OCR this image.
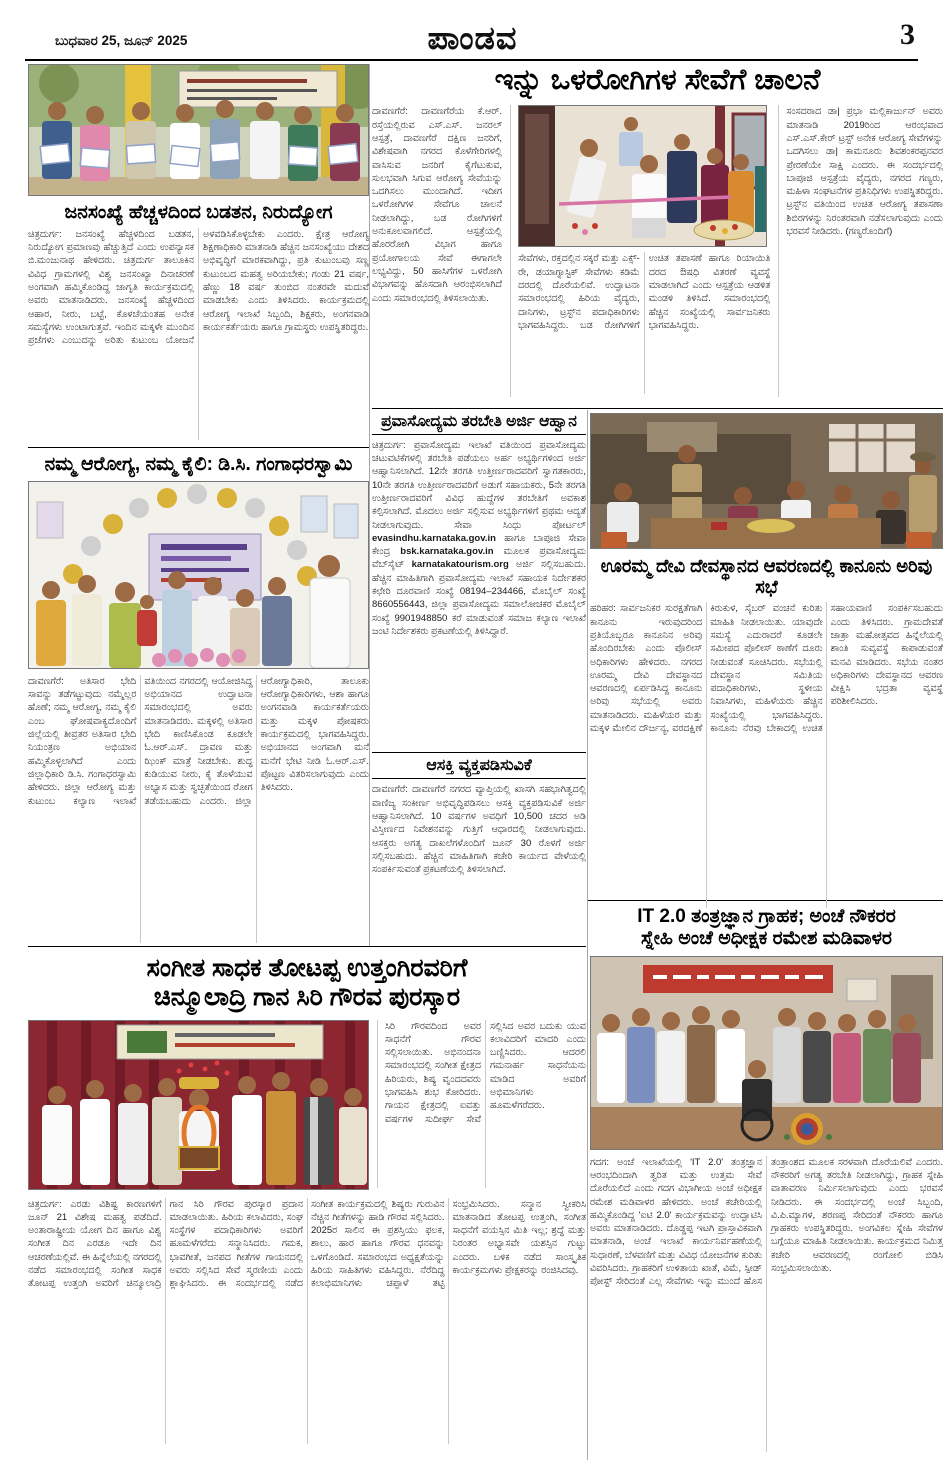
ಬುಧವಾರ 25, ಜೂನ್ 2025	ಪಾಂಡವ	3
ಜನಸಂಖ್ಯೆ ಹೆಚ್ಚಳದಿಂದ ಬಡತನ, ನಿರುದ್ಯೋಗ
ಚಿತ್ರದುರ್ಗ: ಜನಸಂಖ್ಯೆ ಹೆಚ್ಚಳದಿಂದ ಬಡತನ, ನಿರುದ್ಯೋಗ ಪ್ರಮಾಣವು ಹೆಚ್ಚುತ್ತಿದೆ ಎಂದು ಉಪನ್ಯಾಸಕ ಬಿ.ಮಂಜುನಾಥ ಹೇಳಿದರು. ಚಿತ್ರದುರ್ಗ ತಾಲೂಕಿನ ವಿವಿಧ ಗ್ರಾಮಗಳಲ್ಲಿ ವಿಶ್ವ ಜನಸಂಖ್ಯಾ ದಿನಾಚರಣೆ ಅಂಗವಾಗಿ ಹಮ್ಮಿಕೊಂಡಿದ್ದ ಜಾಗೃತಿ ಕಾರ್ಯಕ್ರಮದಲ್ಲಿ ಅವರು ಮಾತನಾಡಿದರು. ಜನಸಂಖ್ಯೆ ಹೆಚ್ಚಳದಿಂದ ಆಹಾರ, ನೀರು, ಬಟ್ಟೆ, ಕೊಳಚೆಯಂತಹ ಅನೇಕ ಸಮಸ್ಯೆಗಳು ಉಂಟಾಗುತ್ತವೆ. ಇಂದಿನ ಮಕ್ಕಳೇ ಮುಂದಿನ ಪ್ರಜೆಗಳು ಎಂಬುದನ್ನು ಅರಿತು ಕುಟುಂಬ ಯೋಜನೆ ಅಳವಡಿಸಿಕೊಳ್ಳಬೇಕು ಎಂದರು. ಕ್ಷೇತ್ರ ಆರೋಗ್ಯ ಶಿಕ್ಷಣಾಧಿಕಾರಿ ಮಾತನಾಡಿ ಹೆಚ್ಚಿನ ಜನಸಂಖ್ಯೆಯು ದೇಶದ ಅಭಿವೃದ್ಧಿಗೆ ಮಾರಕವಾಗಿದ್ದು, ಪ್ರತಿ ಕುಟುಂಬವು ಸಣ್ಣ ಕುಟುಂಬದ ಮಹತ್ವ ಅರಿಯಬೇಕು; ಗಂಡು 21 ವರ್ಷ, ಹೆಣ್ಣು 18 ವರ್ಷ ತುಂಬಿದ ನಂತರವೇ ಮದುವೆ ಮಾಡಬೇಕು ಎಂದು ತಿಳಿಸಿದರು. ಕಾರ್ಯಕ್ರಮದಲ್ಲಿ ಆರೋಗ್ಯ ಇಲಾಖೆ ಸಿಬ್ಬಂದಿ, ಶಿಕ್ಷಕರು, ಅಂಗನವಾಡಿ ಕಾರ್ಯಕರ್ತೆಯರು ಹಾಗೂ ಗ್ರಾಮಸ್ಥರು ಉಪಸ್ಥಿತರಿದ್ದರು.
ನಮ್ಮ ಆರೋಗ್ಯ, ನಮ್ಮ ಕೈಲಿ: ಡಿ.ಸಿ. ಗಂಗಾಧರಸ್ವಾಮಿ
ದಾವಣಗೆರೆ: ಅತಿಸಾರ ಭೇದಿ ಸಾವನ್ನು ತಡೆಗಟ್ಟುವುದು ನಮ್ಮೆಲ್ಲರ ಹೊಣೆ; ನಮ್ಮ ಆರೋಗ್ಯ, ನಮ್ಮ ಕೈಲಿ ಎಂಬ ಘೋಷವಾಕ್ಯದೊಂದಿಗೆ ಜಿಲ್ಲೆಯಲ್ಲಿ ತೀವ್ರತರ ಅತಿಸಾರ ಭೇದಿ ನಿಯಂತ್ರಣ ಅಭಿಯಾನ ಹಮ್ಮಿಕೊಳ್ಳಲಾಗಿದೆ ಎಂದು ಜಿಲ್ಲಾಧಿಕಾರಿ ಡಿ.ಸಿ. ಗಂಗಾಧರಸ್ವಾಮಿ ಹೇಳಿದರು. ಜಿಲ್ಲಾ ಆರೋಗ್ಯ ಮತ್ತು ಕುಟುಂಬ ಕಲ್ಯಾಣ ಇಲಾಖೆ ವತಿಯಿಂದ ನಗರದಲ್ಲಿ ಆಯೋಜಿಸಿದ್ದ ಅಭಿಯಾನದ ಉದ್ಘಾಟನಾ ಸಮಾರಂಭದಲ್ಲಿ ಅವರು ಮಾತನಾಡಿದರು. ಮಕ್ಕಳಲ್ಲಿ ಅತಿಸಾರ ಭೇದಿ ಕಾಣಿಸಿಕೊಂಡ ಕೂಡಲೇ ಓ.ಆರ್.ಎಸ್. ದ್ರಾವಣ ಮತ್ತು ಝಿಂಕ್ ಮಾತ್ರೆ ನೀಡಬೇಕು. ಶುದ್ಧ ಕುಡಿಯುವ ನೀರು, ಕೈ ತೊಳೆಯುವ ಅಭ್ಯಾಸ ಮತ್ತು ಸ್ವಚ್ಛತೆಯಿಂದ ರೋಗ ತಡೆಯಬಹುದು ಎಂದರು. ಜಿಲ್ಲಾ ಆರೋಗ್ಯಾಧಿಕಾರಿ, ತಾಲೂಕು ಆರೋಗ್ಯಾಧಿಕಾರಿಗಳು, ಆಶಾ ಹಾಗೂ ಅಂಗನವಾಡಿ ಕಾರ್ಯಕರ್ತೆಯರು ಮತ್ತು ಮಕ್ಕಳ ಪೋಷಕರು ಕಾರ್ಯಕ್ರಮದಲ್ಲಿ ಭಾಗವಹಿಸಿದ್ದರು. ಅಭಿಯಾನದ ಅಂಗವಾಗಿ ಮನೆ ಮನೆಗೆ ಭೇಟಿ ನೀಡಿ ಓ.ಆರ್.ಎಸ್. ಪೊಟ್ಟಣ ವಿತರಿಸಲಾಗುವುದು ಎಂದು ತಿಳಿಸಿದರು.
ಇನ್ನು ಒಳರೋಗಿಗಳ ಸೇವೆಗೆ ಚಾಲನೆ
ದಾವಣಗೆರೆ: ದಾವಣಗೆರೆಯ ಕೆ.ಆರ್. ರಸ್ತೆಯಲ್ಲಿರುವ ಎಸ್.ಎಸ್. ಜನರಲ್ ಆಸ್ಪತ್ರೆ, ದಾವಣಗೆರೆ ದಕ್ಷಿಣ ಜನರಿಗೆ, ವಿಶೇಷವಾಗಿ ನಗರದ ಕೊಳೆಗೇರಿಗಳಲ್ಲಿ ವಾಸಿಸುವ ಜನರಿಗೆ ಕೈಗೆಟುಕುವ, ಸುಲಭವಾಗಿ ಸಿಗುವ ಆರೋಗ್ಯ ಸೇವೆಯನ್ನು ಒದಗಿಸಲು ಮುಂದಾಗಿದೆ. ಇದೀಗ ಒಳರೋಗಿಗಳ ಸೇವೆಗೂ ಚಾಲನೆ ನೀಡಲಾಗಿದ್ದು, ಬಡ ರೋಗಿಗಳಿಗೆ ಅನುಕೂಲವಾಗಲಿದೆ. ಆಸ್ಪತ್ರೆಯಲ್ಲಿ ಹೊರರೋಗಿ ವಿಭಾಗ ಹಾಗೂ ಪ್ರಯೋಗಾಲಯ ಸೇವೆ ಈಗಾಗಲೇ ಲಭ್ಯವಿದ್ದು, 50 ಹಾಸಿಗೆಗಳ ಒಳರೋಗಿ ವಿಭಾಗವನ್ನು ಹೊಸದಾಗಿ ಆರಂಭಿಸಲಾಗಿದೆ ಎಂದು ಸಮಾರಂಭದಲ್ಲಿ ತಿಳಿಸಲಾಯಿತು.
ಸೇವೆಗಳು, ರಕ್ತದಲ್ಲಿನ ಸಕ್ಕರೆ ಮತ್ತು ಎಕ್ಸ್-ರೇ, ಡಯಾಗ್ನಾಸ್ಟಿಕ್ ಸೇವೆಗಳು ಕಡಿಮೆ ದರದಲ್ಲಿ ದೊರೆಯಲಿವೆ. ಉದ್ಘಾಟನಾ ಸಮಾರಂಭದಲ್ಲಿ ಹಿರಿಯ ವೈದ್ಯರು, ದಾನಿಗಳು, ಟ್ರಸ್ಟ್‌ನ ಪದಾಧಿಕಾರಿಗಳು ಭಾಗವಹಿಸಿದ್ದರು. ಬಡ ರೋಗಿಗಳಿಗೆ ಉಚಿತ ತಪಾಸಣೆ ಹಾಗೂ ರಿಯಾಯಿತಿ ದರದ ಔಷಧಿ ವಿತರಣೆ ವ್ಯವಸ್ಥೆ ಮಾಡಲಾಗಿದೆ ಎಂದು ಆಸ್ಪತ್ರೆಯ ಆಡಳಿತ ಮಂಡಳಿ ತಿಳಿಸಿದೆ. ಸಮಾರಂಭದಲ್ಲಿ ಹೆಚ್ಚಿನ ಸಂಖ್ಯೆಯಲ್ಲಿ ಸಾರ್ವಜನಿಕರು ಭಾಗವಹಿಸಿದ್ದರು.
ಸಂಸದರಾದ ಡಾ| ಪ್ರಭಾ ಮಲ್ಲಿಕಾರ್ಜುನ್ ಅವರು ಮಾತನಾಡಿ 2019ರಿಂದ ಆರಂಭವಾದ ಎಸ್.ಎಸ್.ಕೇರ್ ಟ್ರಸ್ಟ್ ಅನೇಕ ಆರೋಗ್ಯ ಸೇವೆಗಳನ್ನು ಒದಗಿಸಲು ಡಾ| ಕಾಮನೂರು ಶಿವಶಂಕರಪ್ಪನವರ ಪ್ರೇರಣೆಯೇ ಸಾಕ್ಷಿ ಎಂದರು. ಈ ಸಂದರ್ಭದಲ್ಲಿ ಬಾಪೂಜಿ ಆಸ್ಪತ್ರೆಯ ವೈದ್ಯರು, ನಗರದ ಗಣ್ಯರು, ಮಹಿಳಾ ಸಂಘಟನೆಗಳ ಪ್ರತಿನಿಧಿಗಳು ಉಪಸ್ಥಿತರಿದ್ದರು. ಟ್ರಸ್ಟ್‌ನ ವತಿಯಿಂದ ಉಚಿತ ಆರೋಗ್ಯ ತಪಾಸಣಾ ಶಿಬಿರಗಳನ್ನು ನಿರಂತರವಾಗಿ ನಡೆಸಲಾಗುವುದು ಎಂದು ಭರವಸೆ ನೀಡಿದರು. (ಗಣ್ಯರೊಂದಿಗೆ)
ಪ್ರವಾಸೋದ್ಯಮ ತರಬೇತಿ ಅರ್ಜಿ ಆಹ್ವಾನ
ಚಿತ್ರದುರ್ಗ: ಪ್ರವಾಸೋದ್ಯಮ ಇಲಾಖೆ ವತಿಯಿಂದ ಪ್ರವಾಸೋದ್ಯಮ ಚಟುವಟಿಕೆಗಳಲ್ಲಿ ತರಬೇತಿ ಪಡೆಯಲು ಅರ್ಹ ಅಭ್ಯರ್ಥಿಗಳಿಂದ ಅರ್ಜಿ ಆಹ್ವಾನಿಸಲಾಗಿದೆ. 12ನೇ ತರಗತಿ ಉತ್ತೀರ್ಣರಾದವರಿಗೆ ಸ್ವಾಗತಕಾರರು, 10ನೇ ತರಗತಿ ಉತ್ತೀರ್ಣರಾದವರಿಗೆ ಅಡುಗೆ ಸಹಾಯಕರು, 5ನೇ ತರಗತಿ ಉತ್ತೀರ್ಣರಾದವರಿಗೆ ವಿವಿಧ ಹುದ್ದೆಗಳ ತರಬೇತಿಗೆ ಅವಕಾಶ ಕಲ್ಪಿಸಲಾಗಿದೆ. ಮೊದಲು ಅರ್ಜಿ ಸಲ್ಲಿಸುವ ಅಭ್ಯರ್ಥಿಗಳಿಗೆ ಪ್ರಥಮ ಆದ್ಯತೆ ನೀಡಲಾಗುವುದು. ಸೇವಾ ಸಿಂಧು ಪೋರ್ಟಲ್ evasindhu.karnataka.gov.in ಹಾಗೂ ಬಾಪೂಜಿ ಸೇವಾ ಕೇಂದ್ರ bsk.karnataka.gov.in ಮೂಲಕ ಪ್ರವಾಸೋದ್ಯಮ ವೆಬ್‌ಸೈಟ್ karnatakatourism.org ಅರ್ಜಿ ಸಲ್ಲಿಸಬಹುದು. ಹೆಚ್ಚಿನ ಮಾಹಿತಿಗಾಗಿ ಪ್ರವಾಸೋದ್ಯಮ ಇಲಾಖೆ ಸಹಾಯಕ ನಿರ್ದೇಶಕರ ಕಛೇರಿ ದೂರವಾಣಿ ಸಂಖ್ಯೆ 08194–234466, ಮೊಬೈಲ್ ಸಂಖ್ಯೆ 8660556443, ಜಿಲ್ಲಾ ಪ್ರವಾಸೋದ್ಯಮ ಸಮಾಲೋಚಕರ ಮೊಬೈಲ್ ಸಂಖ್ಯೆ 9901948850 ಕರೆ ಮಾಡುವಂತೆ ಸಮಾಜ ಕಲ್ಯಾಣ ಇಲಾಖೆ ಜಂಟಿ ನಿರ್ದೇಶಕರು ಪ್ರಕಟಣೆಯಲ್ಲಿ ತಿಳಿಸಿದ್ದಾರೆ.
ಆಸಕ್ತಿ ವ್ಯಕ್ತಪಡಿಸುವಿಕೆ
ದಾವಣಗೆರೆ: ದಾವಣಗೆರೆ ನಗರದ ವ್ಯಾಪ್ತಿಯಲ್ಲಿ ಖಾಸಗಿ ಸಹಭಾಗಿತ್ವದಲ್ಲಿ ವಾಣಿಜ್ಯ ಸಂಕೀರ್ಣ ಅಭಿವೃದ್ಧಿಪಡಿಸಲು ಆಸಕ್ತಿ ವ್ಯಕ್ತಪಡಿಸುವಿಕೆ ಅರ್ಜಿ ಆಹ್ವಾನಿಸಲಾಗಿದೆ. 10 ವರ್ಷಗಳ ಅವಧಿಗೆ 10,500 ಚದರ ಅಡಿ ವಿಸ್ತೀರ್ಣದ ನಿವೇಶನವನ್ನು ಗುತ್ತಿಗೆ ಆಧಾರದಲ್ಲಿ ನೀಡಲಾಗುವುದು. ಆಸಕ್ತರು ಅಗತ್ಯ ದಾಖಲೆಗಳೊಂದಿಗೆ ಜೂನ್ 30 ರೊಳಗೆ ಅರ್ಜಿ ಸಲ್ಲಿಸಬಹುದು. ಹೆಚ್ಚಿನ ಮಾಹಿತಿಗಾಗಿ ಕಚೇರಿ ಕಾರ್ಯದ ವೇಳೆಯಲ್ಲಿ ಸಂಪರ್ಕಿಸುವಂತೆ ಪ್ರಕಟಣೆಯಲ್ಲಿ ತಿಳಿಸಲಾಗಿದೆ.
ಊರಮ್ಮ ದೇವಿ ದೇವಸ್ಥಾನದ ಆವರಣದಲ್ಲಿ ಕಾನೂನು ಅರಿವು ಸಭೆ
ಹರಿಹರ: ಸಾರ್ವಜನಿಕರ ಸುರಕ್ಷತೆಗಾಗಿ ಕಾನೂನು ಇರುವುದರಿಂದ ಪ್ರತಿಯೊಬ್ಬರೂ ಕಾನೂನಿನ ಅರಿವು ಹೊಂದಿರಬೇಕು ಎಂದು ಪೊಲೀಸ್ ಅಧಿಕಾರಿಗಳು ಹೇಳಿದರು. ನಗರದ ಊರಮ್ಮ ದೇವಿ ದೇವಸ್ಥಾನದ ಆವರಣದಲ್ಲಿ ಏರ್ಪಡಿಸಿದ್ದ ಕಾನೂನು ಅರಿವು ಸಭೆಯಲ್ಲಿ ಅವರು ಮಾತನಾಡಿದರು. ಮಹಿಳೆಯರ ಮತ್ತು ಮಕ್ಕಳ ಮೇಲಿನ ದೌರ್ಜನ್ಯ, ವರದಕ್ಷಿಣೆ ಕಿರುಕುಳ, ಸೈಬರ್ ವಂಚನೆ ಕುರಿತು ಮಾಹಿತಿ ನೀಡಲಾಯಿತು. ಯಾವುದೇ ಸಮಸ್ಯೆ ಎದುರಾದರೆ ಕೂಡಲೇ ಸಮೀಪದ ಪೊಲೀಸ್ ಠಾಣೆಗೆ ದೂರು ನೀಡುವಂತೆ ಸೂಚಿಸಿದರು. ಸಭೆಯಲ್ಲಿ ದೇವಸ್ಥಾನ ಸಮಿತಿಯ ಪದಾಧಿಕಾರಿಗಳು, ಸ್ಥಳೀಯ ನಿವಾಸಿಗಳು, ಮಹಿಳೆಯರು ಹೆಚ್ಚಿನ ಸಂಖ್ಯೆಯಲ್ಲಿ ಭಾಗವಹಿಸಿದ್ದರು. ಕಾನೂನು ನೆರವು ಬೇಕಾದಲ್ಲಿ ಉಚಿತ ಸಹಾಯವಾಣಿ ಸಂಪರ್ಕಿಸಬಹುದು ಎಂದು ತಿಳಿಸಿದರು. ಗ್ರಾಮದೇವತೆ ಜಾತ್ರಾ ಮಹೋತ್ಸವದ ಹಿನ್ನೆಲೆಯಲ್ಲಿ ಶಾಂತಿ ಸುವ್ಯವಸ್ಥೆ ಕಾಪಾಡುವಂತೆ ಮನವಿ ಮಾಡಿದರು. ಸಭೆಯ ನಂತರ ಅಧಿಕಾರಿಗಳು ದೇವಸ್ಥಾನದ ಆವರಣ ವೀಕ್ಷಿಸಿ ಭದ್ರತಾ ವ್ಯವಸ್ಥೆ ಪರಿಶೀಲಿಸಿದರು.
ಸಂಗೀತ ಸಾಧಕ ತೋಟಪ್ಪ ಉತ್ತಂಗಿರವರಿಗೆ
ಚಿನ್ಮೂಲಾದ್ರಿ ಗಾನ ಸಿರಿ ಗೌರವ ಪುರಸ್ಕಾರ
ಸಿರಿ ಗೌರವದಿಂದ ಅವರ ಸಾಧನೆಗೆ ಗೌರವ ಸಲ್ಲಿಸಲಾಯಿತು. ಅಭಿನಂದನಾ ಸಮಾರಂಭದಲ್ಲಿ ಸಂಗೀತ ಕ್ಷೇತ್ರದ ಹಿರಿಯರು, ಶಿಷ್ಯ ವೃಂದದವರು ಭಾಗವಹಿಸಿ ಶುಭ ಕೋರಿದರು. ಗಾಯನ ಕ್ಷೇತ್ರದಲ್ಲಿ ಐವತ್ತು ವರ್ಷಗಳ ಸುದೀರ್ಘ ಸೇವೆ ಸಲ್ಲಿಸಿದ ಅವರ ಬದುಕು ಯುವ ಕಲಾವಿದರಿಗೆ ಮಾದರಿ ಎಂದು ಬಣ್ಣಿಸಿದರು. ಆದರಲಿ ಗಮನಾರ್ಹ ಸಾಧನೆಯನು ಮಾಡಿದ ಅವರಿಗೆ ಅಭಿಮಾನಿಗಳು ಹೂಮಳೆಗರೆದರು.
ಚಿತ್ರದುರ್ಗ: ಎರಡು ವಿಶಿಷ್ಟ ಕಾರಣಗಳಿಗೆ ಜೂನ್ 21 ವಿಶೇಷ ಮಹತ್ವ ಪಡೆದಿದೆ. ಅಂತಾರಾಷ್ಟ್ರೀಯ ಯೋಗ ದಿನ ಹಾಗೂ ವಿಶ್ವ ಸಂಗೀತ ದಿನ ಎರಡೂ ಇದೇ ದಿನ ಆಚರಣೆಯಲ್ಲಿವೆ. ಈ ಹಿನ್ನೆಲೆಯಲ್ಲಿ ನಗರದಲ್ಲಿ ನಡೆದ ಸಮಾರಂಭದಲ್ಲಿ ಸಂಗೀತ ಸಾಧಕ ತೋಟಪ್ಪ ಉತ್ತಂಗಿ ಅವರಿಗೆ ಚಿನ್ಮೂಲಾದ್ರಿ ಗಾನ ಸಿರಿ ಗೌರವ ಪುರಸ್ಕಾರ ಪ್ರದಾನ ಮಾಡಲಾಯಿತು. ಹಿರಿಯ ಕಲಾವಿದರು, ಸಂಘ ಸಂಸ್ಥೆಗಳ ಪದಾಧಿಕಾರಿಗಳು ಅವರಿಗೆ ಹೂಮಳೆಗರೆದು ಸನ್ಮಾನಿಸಿದರು. ಗಮಕ, ಭಾವಗೀತೆ, ಜನಪದ ಗೀತೆಗಳ ಗಾಯನದಲ್ಲಿ ಅವರು ಸಲ್ಲಿಸಿದ ಸೇವೆ ಸ್ಮರಣೀಯ ಎಂದು ಶ್ಲಾಘಿಸಿದರು. ಈ ಸಂದರ್ಭದಲ್ಲಿ ನಡೆದ ಸಂಗೀತ ಕಾರ್ಯಕ್ರಮದಲ್ಲಿ ಶಿಷ್ಯರು ಗುರುವಿನ ನೆಚ್ಚಿನ ಗೀತೆಗಳನ್ನು ಹಾಡಿ ಗೌರವ ಸಲ್ಲಿಸಿದರು. 2025ರ ಸಾಲಿನ ಈ ಪ್ರಶಸ್ತಿಯು ಫಲಕ, ಶಾಲು, ಹಾರ ಹಾಗೂ ಗೌರವ ಧನವನ್ನು ಒಳಗೊಂಡಿದೆ. ಸಮಾರಂಭದ ಅಧ್ಯಕ್ಷತೆಯನ್ನು ಹಿರಿಯ ಸಾಹಿತಿಗಳು ವಹಿಸಿದ್ದರು. ನೆರೆದಿದ್ದ ಕಲಾಭಿಮಾನಿಗಳು ಚಪ್ಪಾಳೆ ತಟ್ಟಿ ಸಂಭ್ರಮಿಸಿದರು. ಸನ್ಮಾನ ಸ್ವೀಕರಿಸಿ ಮಾತನಾಡಿದ ತೋಟಪ್ಪ ಉತ್ತಂಗಿ, ಸಂಗೀತ ಸಾಧನೆಗೆ ವಯಸ್ಸಿನ ಮಿತಿ ಇಲ್ಲ; ಶ್ರದ್ಧೆ ಮತ್ತು ನಿರಂತರ ಅಭ್ಯಾಸವೇ ಯಶಸ್ಸಿನ ಗುಟ್ಟು ಎಂದರು. ಬಳಿಕ ನಡೆದ ಸಾಂಸ್ಕೃತಿಕ ಕಾರ್ಯಕ್ರಮಗಳು ಪ್ರೇಕ್ಷಕರನ್ನು ರಂಜಿಸಿದವು.
IT 2.0 ತಂತ್ರಜ್ಞಾನ ಗ್ರಾಹಕ; ಅಂಚೆ ನೌಕರರ
ಸ್ನೇಹಿ ಅಂಚೆ ಅಧೀಕ್ಷಕ ರಮೇಶ ಮಡಿವಾಳರ
ಗದಗ: ಅಂಚೆ ಇಲಾಖೆಯಲ್ಲಿ 'IT 2.0' ತಂತ್ರಜ್ಞಾನ ಆರಂಭದಿಂದಾಗಿ ತ್ವರಿತ ಮತ್ತು ಉತ್ತಮ ಸೇವೆ ದೊರೆಯಲಿದೆ ಎಂದು ಗದಗ ವಿಭಾಗೀಯ ಅಂಚೆ ಅಧೀಕ್ಷಕ ರಮೇಶ ಮಡಿವಾಳರ ಹೇಳಿದರು. ಅಂಚೆ ಕಚೇರಿಯಲ್ಲಿ ಹಮ್ಮಿಕೊಂಡಿದ್ದ 'ಐಟಿ 2.0' ಕಾರ್ಯಕ್ರಮವನ್ನು ಉದ್ಘಾಟಿಸಿ ಅವರು ಮಾತನಾಡಿದರು. ದೊಡ್ಡಪ್ಪ ಇಟಗಿ ಪ್ರಾಸ್ತಾವಿಕವಾಗಿ ಮಾತನಾಡಿ, ಅಂಚೆ ಇಲಾಖೆ ಕಾರ್ಯನಿರ್ವಹಣೆಯಲ್ಲಿ ಸುಧಾರಣೆ, ಬೆಳವಣಿಗೆ ಮತ್ತು ವಿವಿಧ ಯೋಜನೆಗಳ ಕುರಿತು ವಿವರಿಸಿದರು. ಗ್ರಾಹಕರಿಗೆ ಉಳಿತಾಯ ಖಾತೆ, ವಿಮೆ, ಸ್ಪೀಡ್ ಪೋಸ್ಟ್ ಸೇರಿದಂತೆ ಎಲ್ಲ ಸೇವೆಗಳು ಇನ್ನು ಮುಂದೆ ಹೊಸ ತಂತ್ರಾಂಶದ ಮೂಲಕ ಸರಳವಾಗಿ ದೊರೆಯಲಿವೆ ಎಂದರು. ನೌಕರರಿಗೆ ಅಗತ್ಯ ತರಬೇತಿ ನೀಡಲಾಗಿದ್ದು, ಗ್ರಾಹಕ ಸ್ನೇಹಿ ವಾತಾವರಣ ನಿರ್ಮಿಸಲಾಗುವುದು ಎಂದು ಭರವಸೆ ನೀಡಿದರು. ಈ ಸಂದರ್ಭದಲ್ಲಿ ಅಂಚೆ ಸಿಬ್ಬಂದಿ, ವಿ.ಪಿ.ಮ್ಯಾಗಳ, ಶರಣಪ್ಪ ಸೇರಿದಂತೆ ನೌಕರರು ಹಾಗೂ ಗ್ರಾಹಕರು ಉಪಸ್ಥಿತರಿದ್ದರು. ಅಂಗವಿಕಲ ಸ್ನೇಹಿ ಸೇವೆಗಳ ಬಗ್ಗೆಯೂ ಮಾಹಿತಿ ನೀಡಲಾಯಿತು. ಕಾರ್ಯಕ್ರಮದ ನಿಮಿತ್ತ ಕಚೇರಿ ಆವರಣದಲ್ಲಿ ರಂಗೋಲಿ ಬಿಡಿಸಿ ಸಂಭ್ರಮಿಸಲಾಯಿತು.
